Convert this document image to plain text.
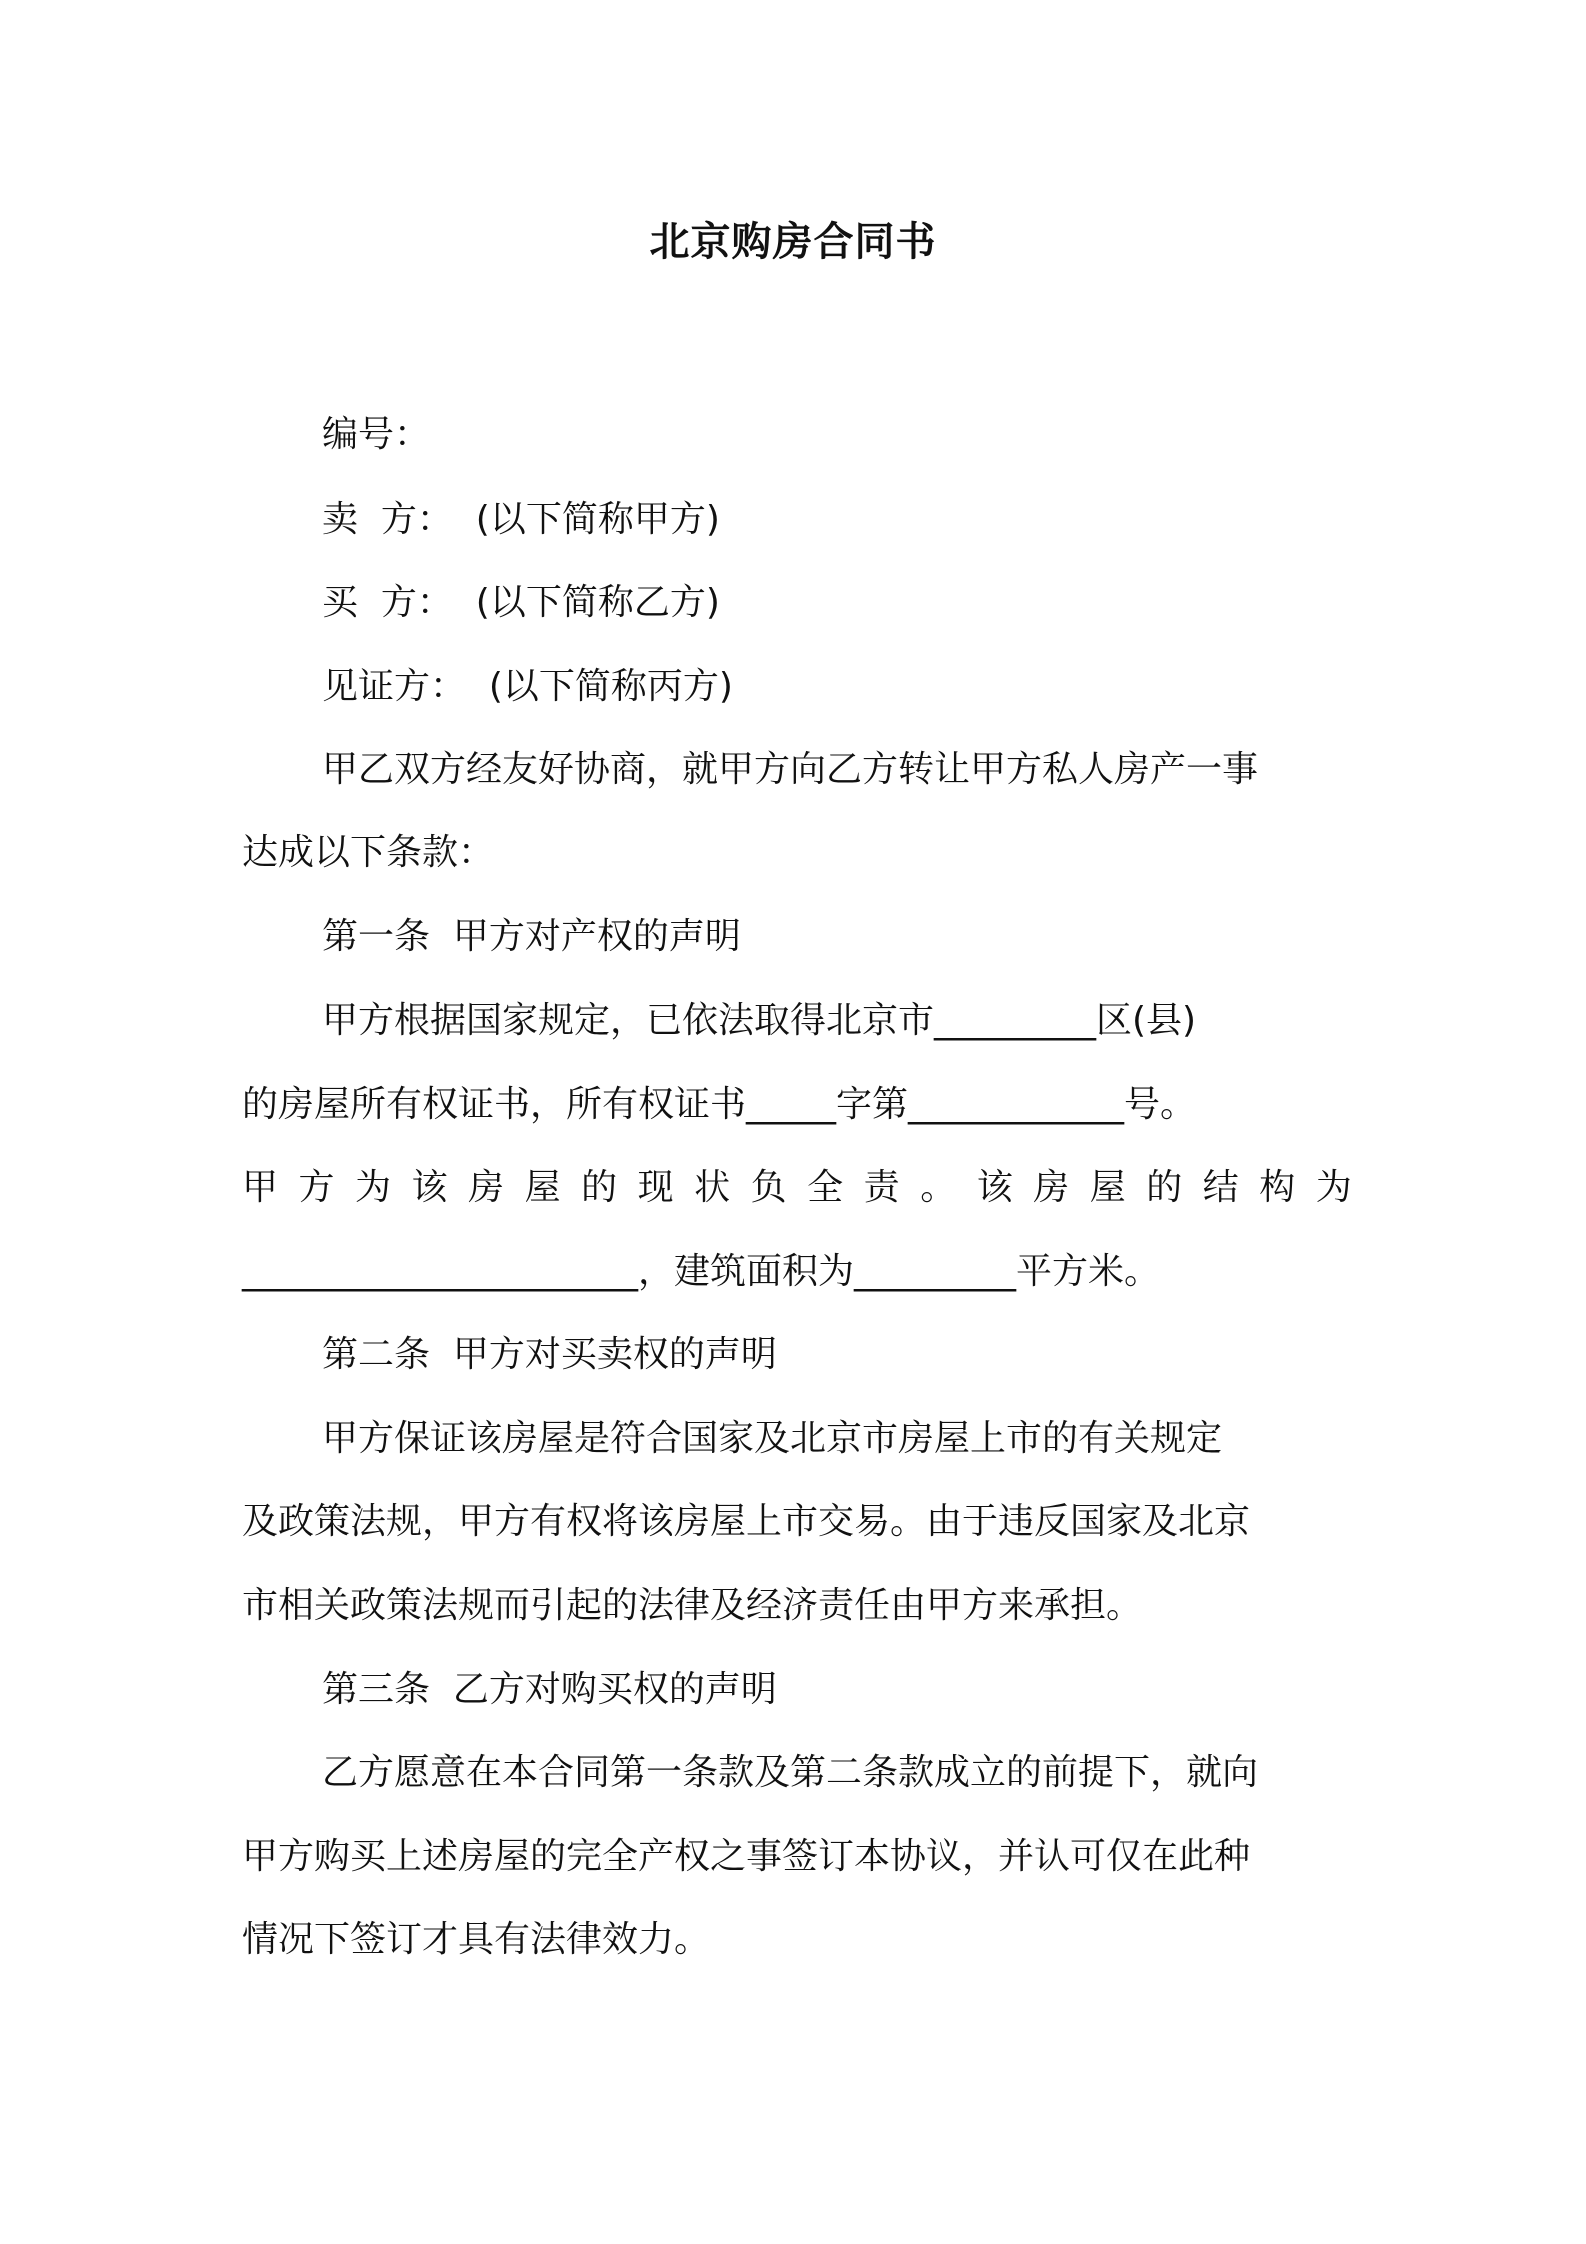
北京购房合同书
编号：
卖  方：  (以下简称甲方)
买  方：  (以下简称乙方)
见证方：  (以下简称丙方)
甲乙双方经友好协商，就甲方向乙方转让甲方私人房产一事
达成以下条款：
第一条  甲方对产权的声明
甲方根据国家规定，已依法取得北京市_________区(县)
的房屋所有权证书，所有权证书_____字第____________号。
甲 方 为 该 房 屋 的 现 状 负 全 责 。 该 房 屋 的 结 构 为
______________________，建筑面积为_________平方米。
第二条  甲方对买卖权的声明
甲方保证该房屋是符合国家及北京市房屋上市的有关规定
及政策法规，甲方有权将该房屋上市交易。由于违反国家及北京
市相关政策法规而引起的法律及经济责任由甲方来承担。
第三条  乙方对购买权的声明
乙方愿意在本合同第一条款及第二条款成立的前提下，就向
甲方购买上述房屋的完全产权之事签订本协议，并认可仅在此种
情况下签订才具有法律效力。
